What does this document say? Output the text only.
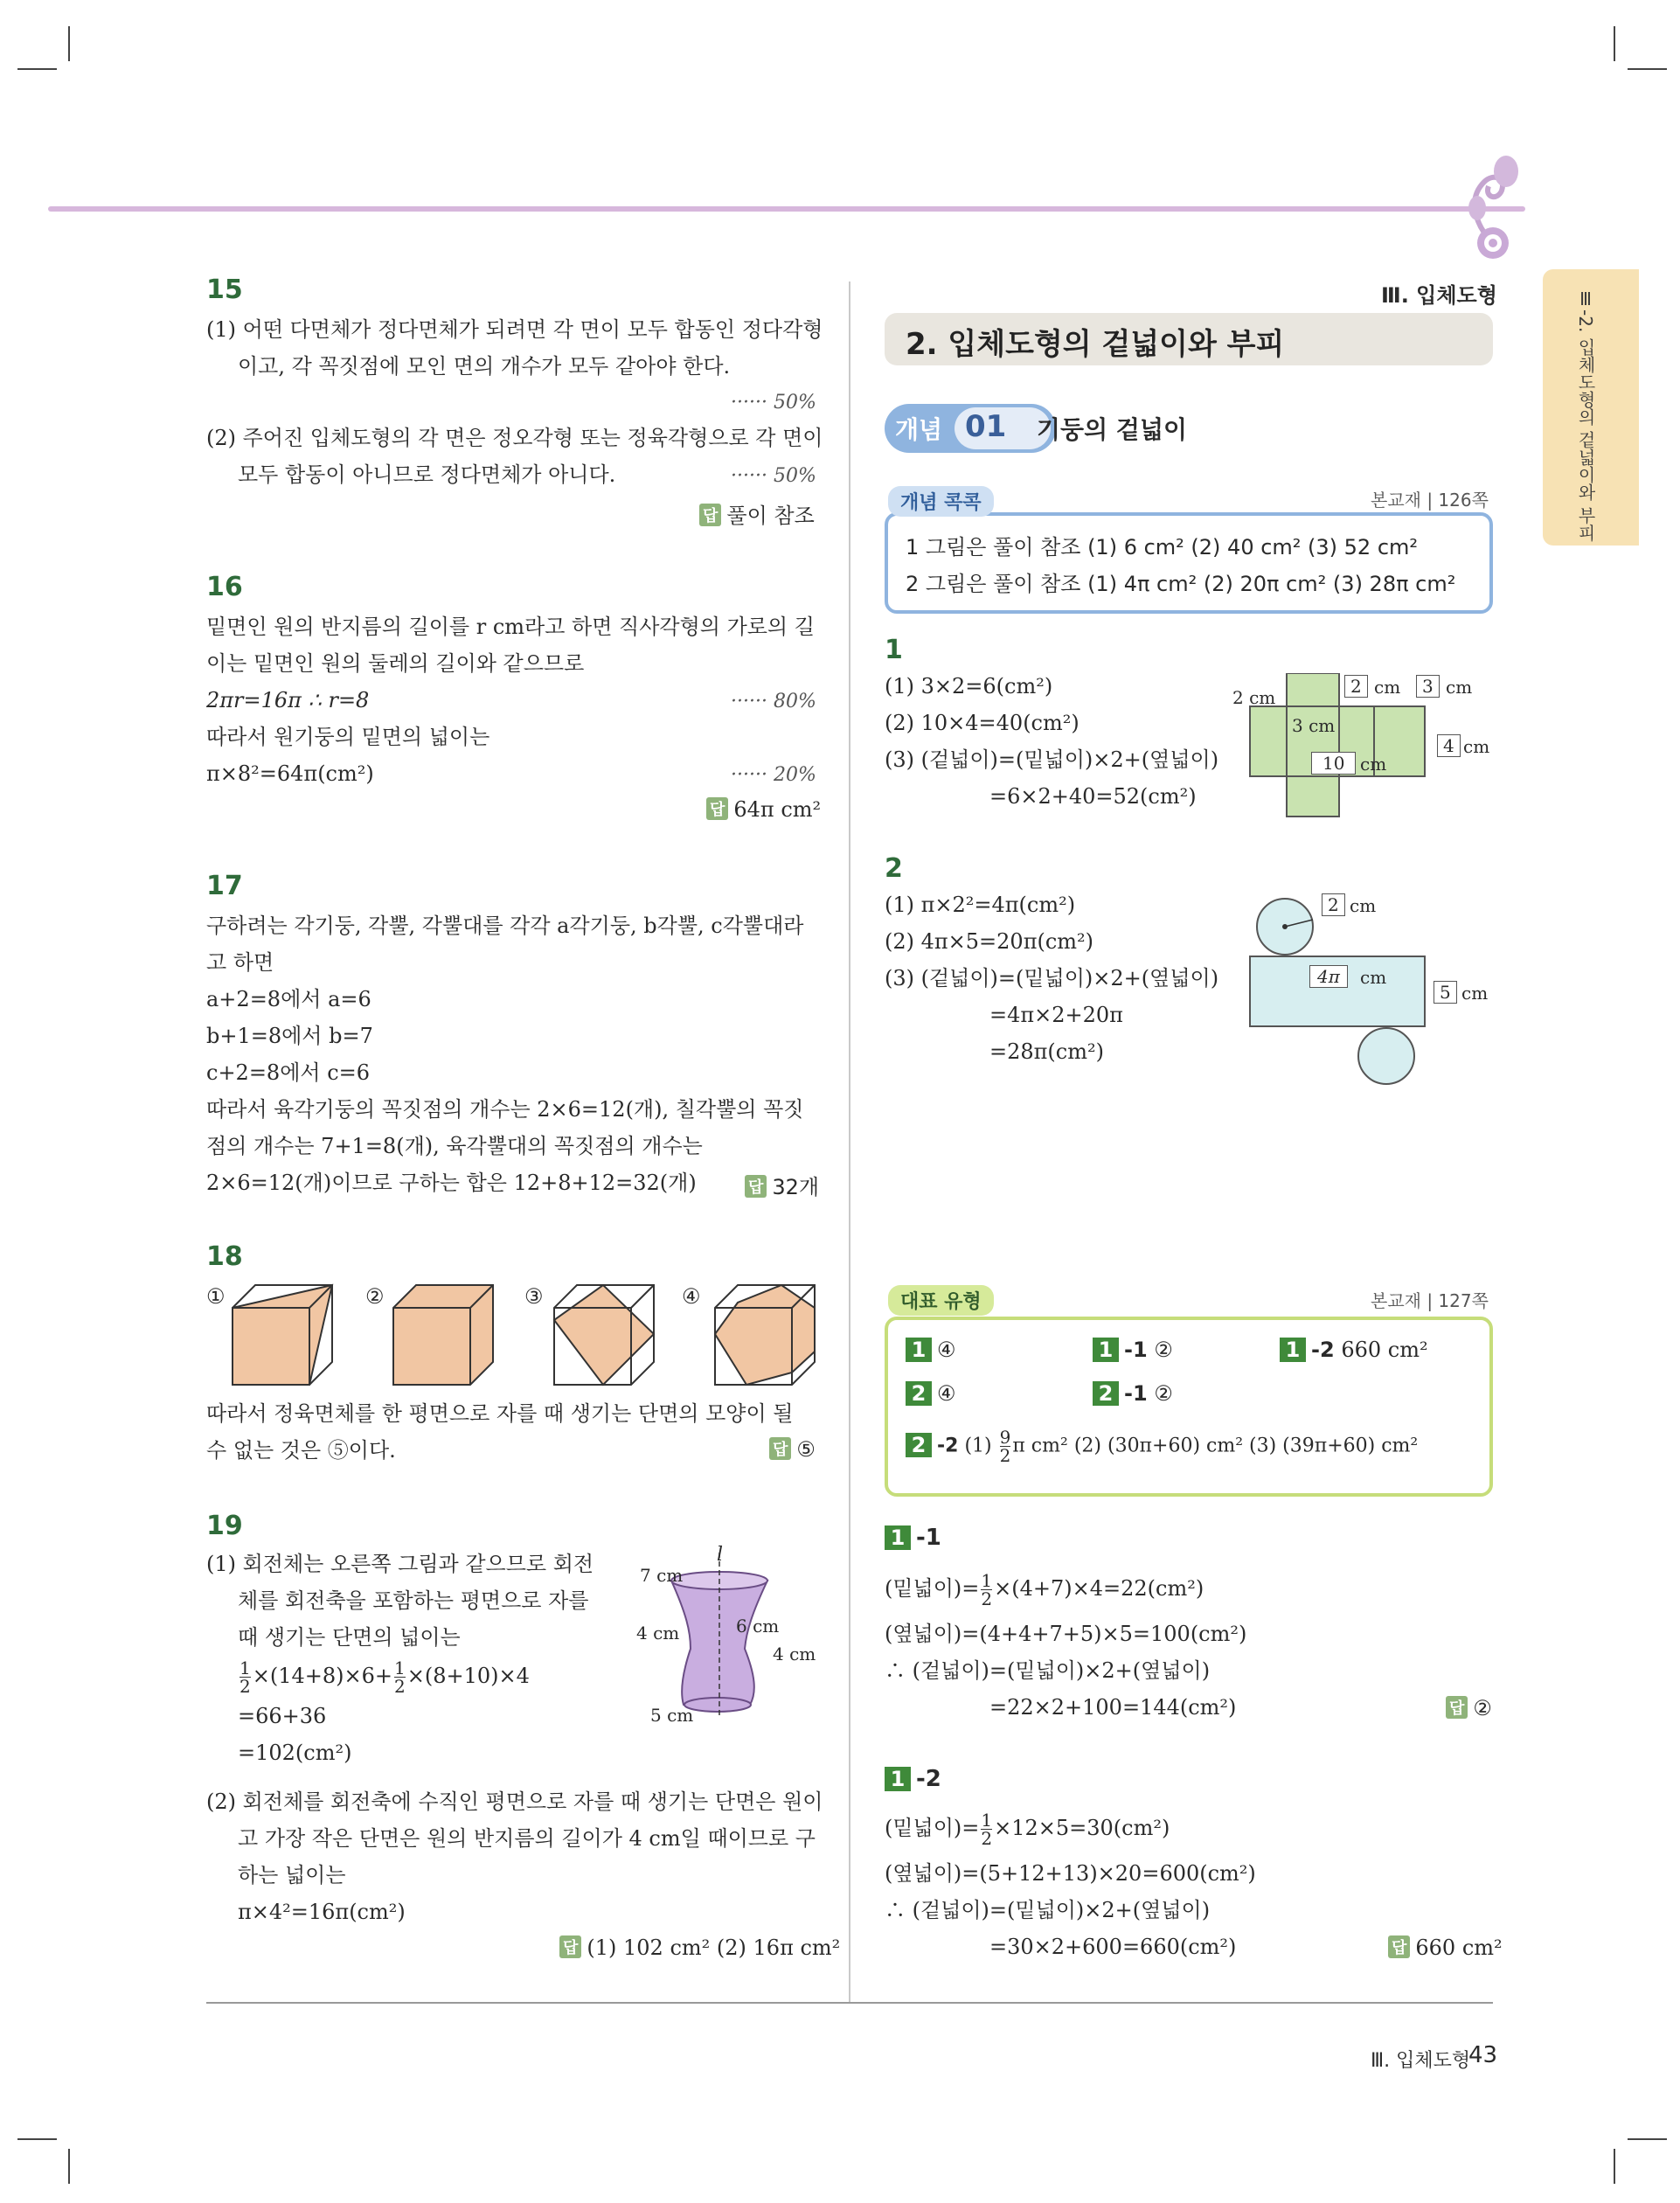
Ⅲ-2. 입체도형의 겉넓이와 부피
15
(1) 어떤 다면체가 정다면체가 되려면 각 면이 모두 합동인 정다각형
이고, 각 꼭짓점에 모인 면의 개수가 모두 같아야 한다.
······ 50%
(2) 주어진 입체도형의 각 면은 정오각형 또는 정육각형으로 각 면이
모두 합동이 아니므로 정다면체가 아니다.	······ 50%
답 풀이 참조
16
밑면인 원의 반지름의 길이를 r cm라고 하면 직사각형의 가로의 길
이는 밑면인 원의 둘레의 길이와 같으므로
2πr=16π ∴ r=8	······ 80%
따라서 원기둥의 밑면의 넓이는
π×8²=64π(cm²)	······ 20%
답 64π cm²
17
구하려는 각기둥, 각뿔, 각뿔대를 각각 a각기둥, b각뿔, c각뿔대라
고 하면
a+2=8에서 a=6
b+1=8에서 b=7
c+2=8에서 c=6
따라서 육각기둥의 꼭짓점의 개수는 2×6=12(개), 칠각뿔의 꼭짓
점의 개수는 7+1=8(개), 육각뿔대의 꼭짓점의 개수는
2×6=12(개)이므로 구하는 합은 12+8+12=32(개)	답 32개
18
①	②	③	④
따라서 정육면체를 한 평면으로 자를 때 생기는 단면의 모양이 될
수 없는 것은 ⑤이다.	답 ⑤
19
(1) 회전체는 오른쪽 그림과 같으므로 회전
체를 회전축을 포함하는 평면으로 자를
때 생기는 단면의 넓이는
$\frac{1}{2} \times(14+8)\times 6+ \frac{1}{2} \times(8+10)\times 4$
=66+36
=102(cm²)
(2) 회전체를 회전축에 수직인 평면으로 자를 때 생기는 단면은 원이
고 가장 작은 단면은 원의 반지름의 길이가 4 cm일 때이므로 구
하는 넓이는
π×4²=16π(cm²)
답 (1) 102 cm² (2) 16π cm²
l
7 cm
4 cm	6 cm
4 cm
5 cm
Ⅲ. 입체도형
2. 입체도형의 겉넓이와 부피
개념 01 기둥의 겉넓이
개념 콕콕	본교재 | 126쪽
1 그림은 풀이 참조 (1) 6 cm² (2) 40 cm² (3) 52 cm²
2 그림은 풀이 참조 (1) 4π cm² (2) 20π cm² (3) 28π cm²
1
(1) 3×2=6(cm²)
(2) 10×4=40(cm²)
(3) (겉넓이)=(밑넓이)×2+(옆넓이)
=6×2+40=52(cm²)
2 cm
2 cm	3 cm
3 cm
4 cm
10 cm
2
(1) π×2²=4π(cm²)
(2) 4π×5=20π(cm²)
(3) (겉넓이)=(밑넓이)×2+(옆넓이)
=4π×2+20π
=28π(cm²)
2 cm
4π	cm
5 cm
대표 유형	본교재 | 127쪽
1 ④	1 -1 ②	1 -2 660 cm²
2 ④	2 -1 ②
2 -2 $(1) \frac{9}{2}$ π cm² (2) (30π+60) cm² (3) (39π+60) cm²
1 -1
(밑넓이)= $\frac{1}{2} \times(4+7)\times 4=22(cm^2)$
(옆넓이)=(4+4+7+5)×5=100(cm²)
∴ (겉넓이)=(밑넓이)×2+(옆넓이)
=22×2+100=144(cm²)	답 ②
1 -2
(밑넓이)= $\frac{1}{2} \times 12\times 5=30(cm^2)$
(옆넓이)=(5+12+13)×20=600(cm²)
∴ (겉넓이)=(밑넓이)×2+(옆넓이)
=30×2+600=660(cm²)	답 660 cm²
Ⅲ. 입체도형
43
